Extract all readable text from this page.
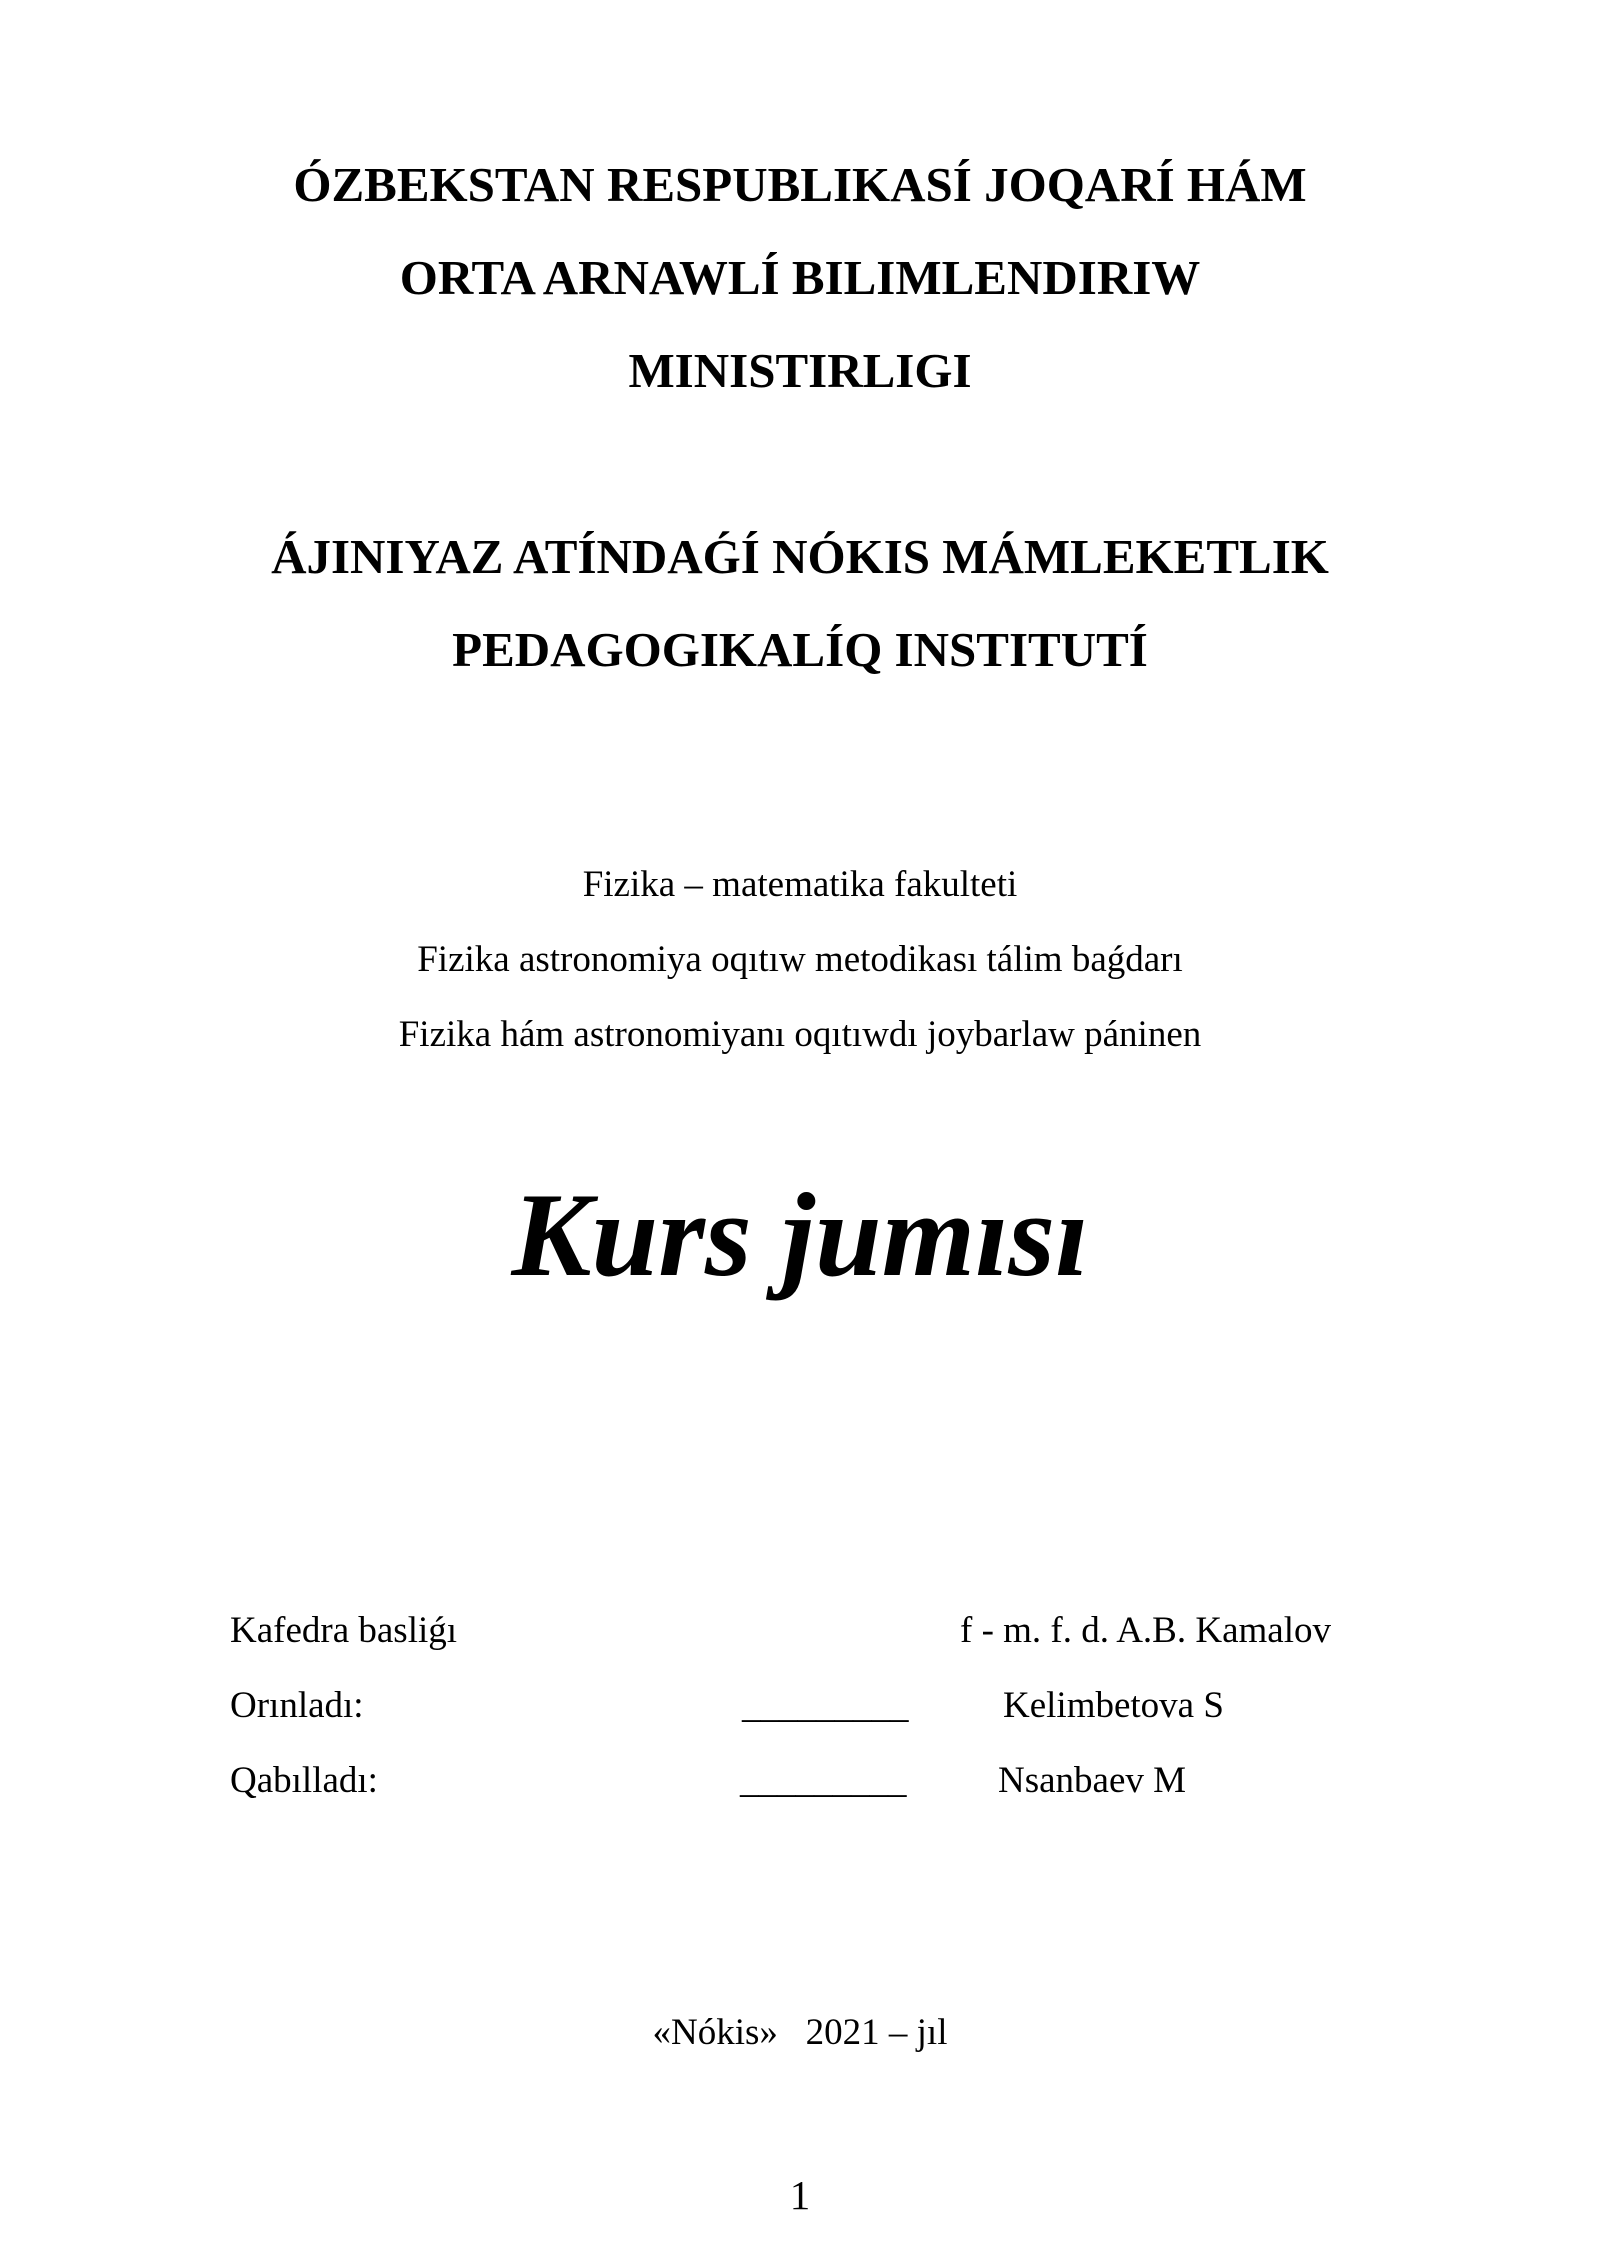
ÓZBEKSTAN RESPUBLIKASÍ JOQARÍ HÁM
ORTA ARNAWLÍ BILIMLENDIRIW
MINISTIRLIGI
ÁJINIYAZ ATÍNDAǴÍ NÓKIS MÁMLEKETLIK
PEDAGOGIKALÍQ INSTITUTÍ
Fizika – matematika fakulteti
Fizika astronomiya oqıtıw metodikası tálim baǵdarı
Fizika hám astronomiyanı oqıtıwdı joybarlaw páninen
Kurs jumısı
Kafedra basliǵı	f - m. f. d. A.B. Kamalov
Orınladı:	_________	Kelimbetova S
Qabılladı:	_________ Nsanbaev M
«Nókis»   2021 – jıl
1
